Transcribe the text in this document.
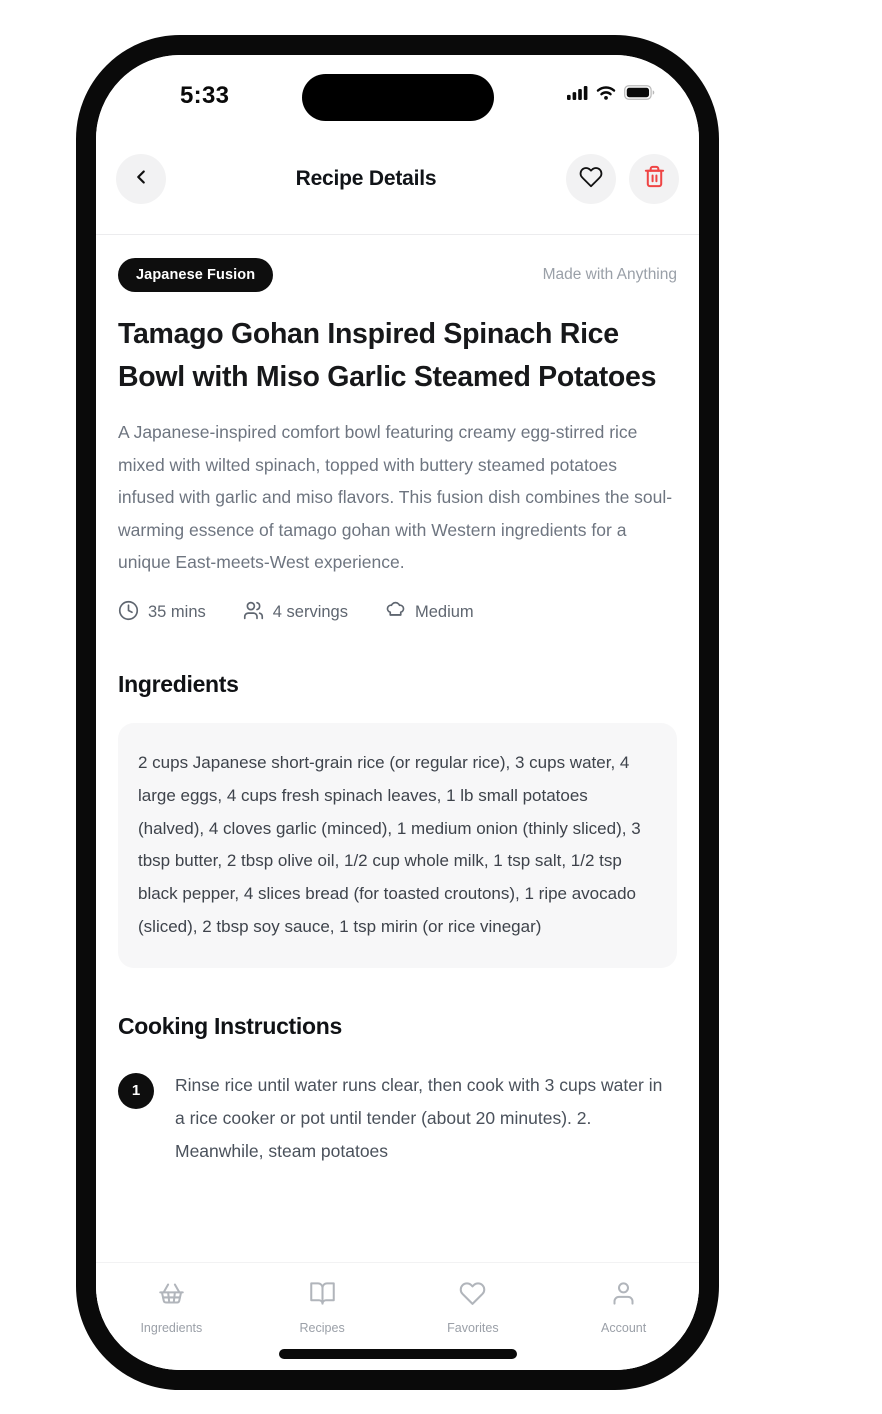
5:33
Recipe Details
Japanese Fusion	Made with Anything
Tamago Gohan Inspired Spinach Rice Bowl with Miso Garlic Steamed Potatoes
A Japanese-inspired comfort bowl featuring creamy egg-stirred rice mixed with wilted spinach, topped with buttery steamed potatoes infused with garlic and miso flavors. This fusion dish combines the soul-warming essence of tamago gohan with Western ingredients for a unique East-meets-West experience.
35 mins	4 servings	Medium
Ingredients
2 cups Japanese short-grain rice (or regular rice), 3 cups water, 4 large eggs, 4 cups fresh spinach leaves, 1 lb small potatoes (halved), 4 cloves garlic (minced), 1 medium onion (thinly sliced), 3 tbsp butter, 2 tbsp olive oil, 1/2 cup whole milk, 1 tsp salt, 1/2 tsp black pepper, 4 slices bread (for toasted croutons), 1 ripe avocado (sliced), 2 tbsp soy sauce, 1 tsp mirin (or rice vinegar)
Cooking Instructions
1	Rinse rice until water runs clear, then cook with 3 cups water in a rice cooker or pot until tender (about 20 minutes). 2. Meanwhile, steam potatoes
Ingredients	Recipes	Favorites	Account
